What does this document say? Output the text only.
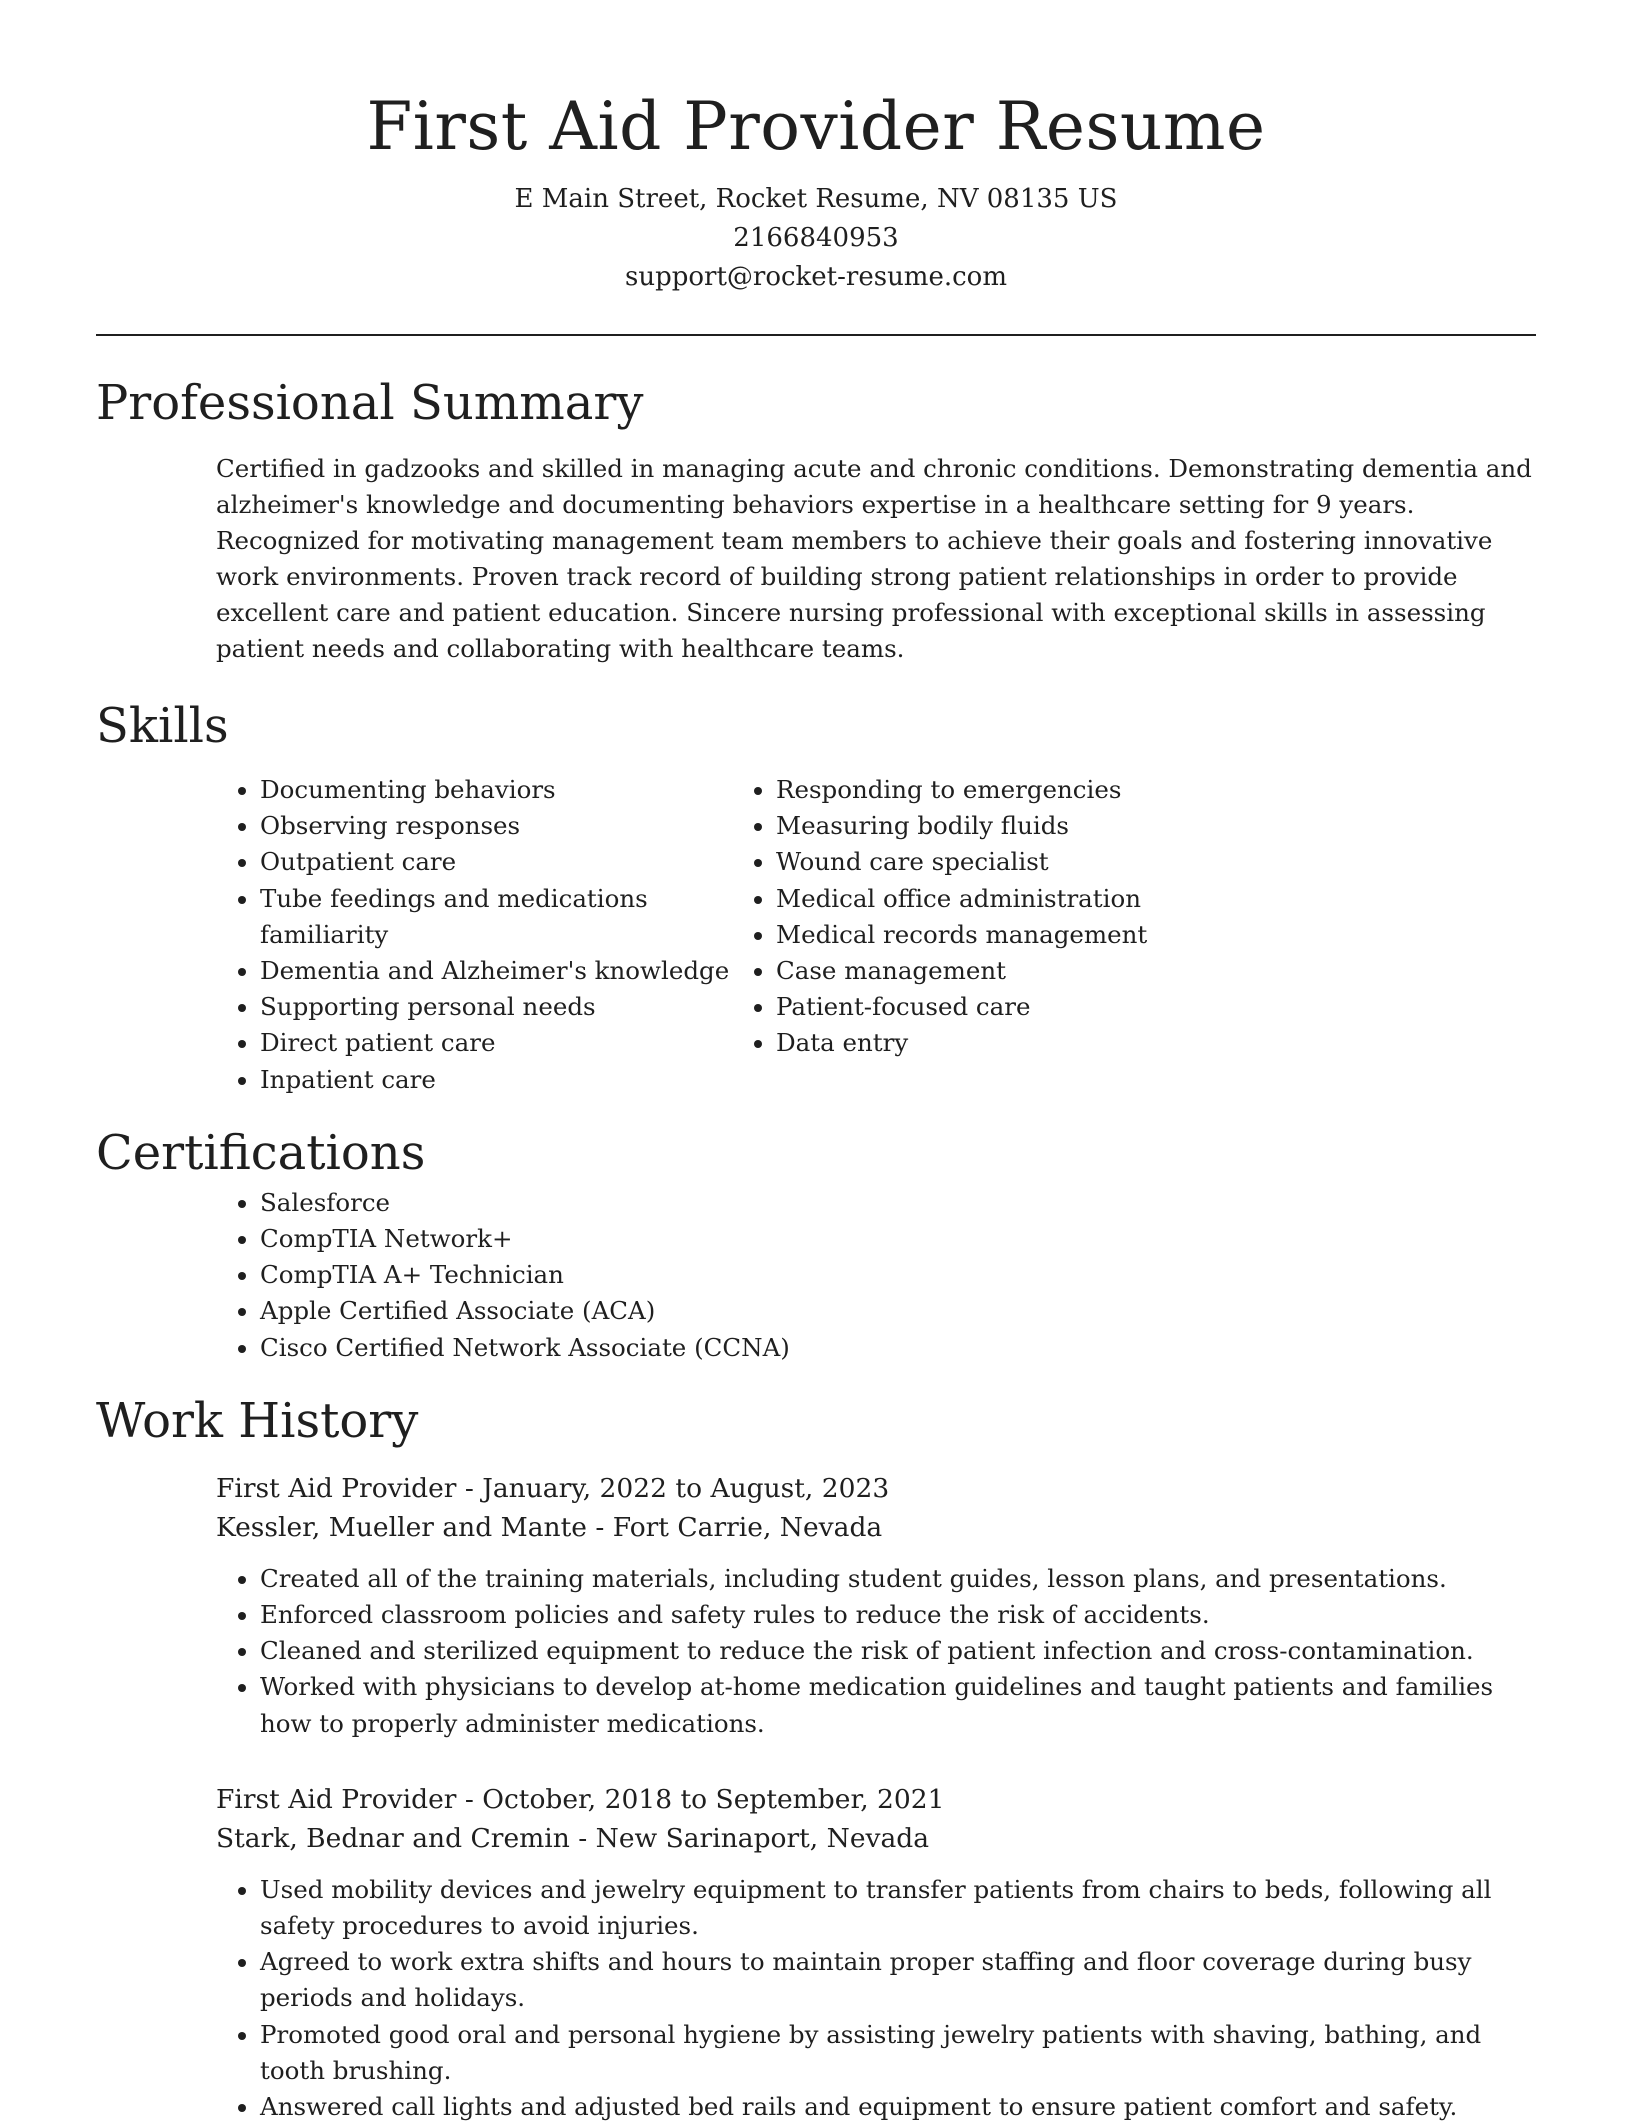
First Aid Provider Resume

E Main Street, Rocket Resume, NV 08135 US

2166840953

support@rocket-resume.com

Professional Summary

Certified in gadzooks and skilled in managing acute and chronic conditions. Demonstrating dementia and alzheimer's knowledge and documenting behaviors expertise in a healthcare setting for 9 years. Recognized for motivating management team members to achieve their goals and fostering innovative work environments. Proven track record of building strong patient relationships in order to provide excellent care and patient education. Sincere nursing professional with exceptional skills in assessing patient needs and collaborating with healthcare teams.

Skills
• Documenting behaviors
• Observing responses
• Outpatient care
• Tube feedings and medications familiarity
• Dementia and Alzheimer's knowledge
• Supporting personal needs
• Direct patient care
• Inpatient care
• Responding to emergencies
• Measuring bodily fluids
• Wound care specialist
• Medical office administration
• Medical records management
• Case management
• Patient-focused care
• Data entry
Certifications
• Salesforce
• CompTIA Network+
• CompTIA A+ Technician
• Apple Certified Associate (ACA)
• Cisco Certified Network Associate (CCNA)
Work History

First Aid Provider - January, 2022 to August, 2023

Kessler, Mueller and Mante - Fort Carrie, Nevada

• Created all of the training materials, including student guides, lesson plans, and presentations.
• Enforced classroom policies and safety rules to reduce the risk of accidents.
• Cleaned and sterilized equipment to reduce the risk of patient infection and cross-contamination.
• Worked with physicians to develop at-home medication guidelines and taught patients and families how to properly administer medications.

First Aid Provider - October, 2018 to September, 2021

Stark, Bednar and Cremin - New Sarinaport, Nevada

• Used mobility devices and jewelry equipment to transfer patients from chairs to beds, following all safety procedures to avoid injuries.
• Agreed to work extra shifts and hours to maintain proper staffing and floor coverage during busy periods and holidays.
• Promoted good oral and personal hygiene by assisting jewelry patients with shaving, bathing, and tooth brushing.
• Answered call lights and adjusted bed rails and equipment to ensure patient comfort and safety.
